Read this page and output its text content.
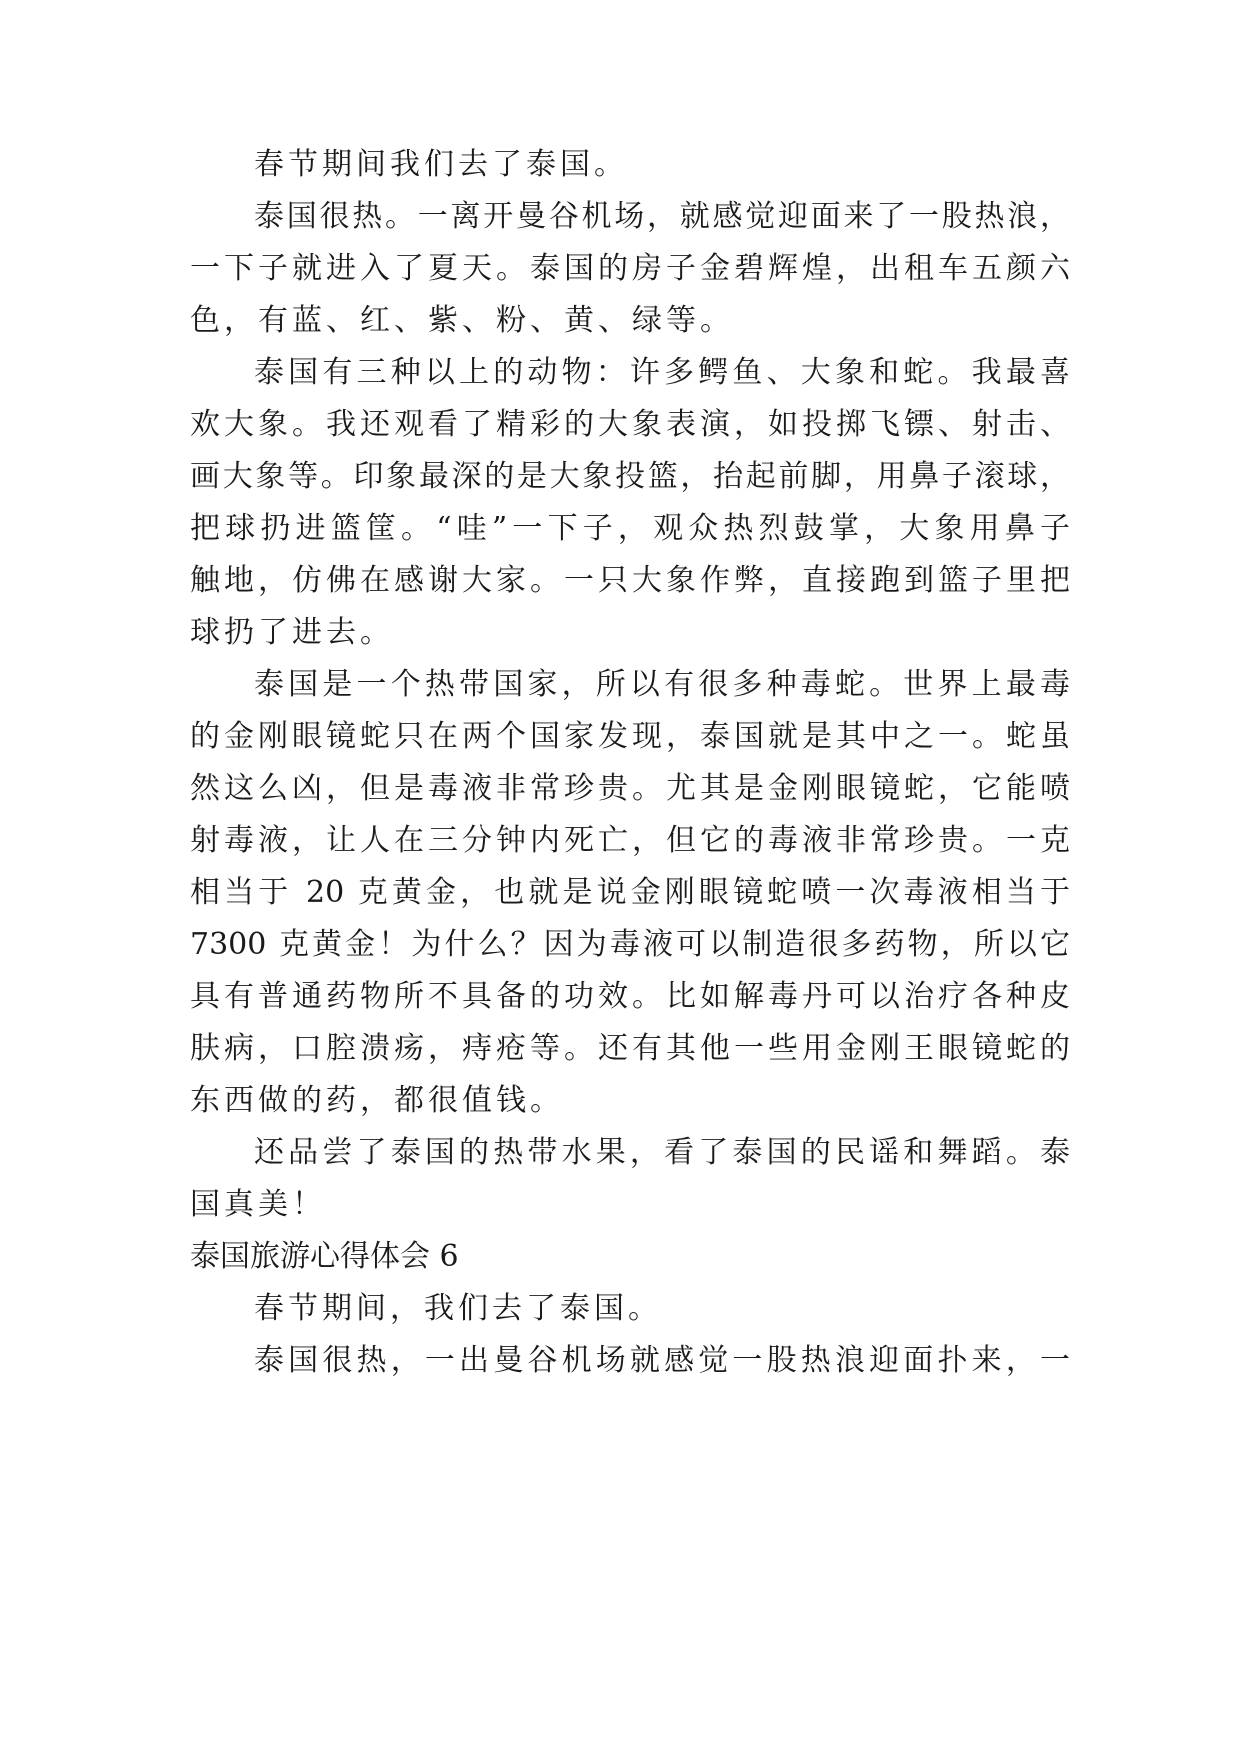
春节期间我们去了泰国。
泰国很热。一离开曼谷机场，就感觉迎面来了一股热浪，
一下子就进入了夏天。泰国的房子金碧辉煌，出租车五颜六
色，有蓝、红、紫、粉、黄、绿等。
泰国有三种以上的动物：许多鳄鱼、大象和蛇。我最喜
欢大象。我还观看了精彩的大象表演，如投掷飞镖、射击、
画大象等。印象最深的是大象投篮，抬起前脚，用鼻子滚球，
把球扔进篮筐。“哇”一下子，观众热烈鼓掌，大象用鼻子
触地，仿佛在感谢大家。一只大象作弊，直接跑到篮子里把
球扔了进去。
泰国是一个热带国家，所以有很多种毒蛇。世界上最毒
的金刚眼镜蛇只在两个国家发现，泰国就是其中之一。蛇虽
然这么凶，但是毒液非常珍贵。尤其是金刚眼镜蛇，它能喷
射毒液，让人在三分钟内死亡，但它的毒液非常珍贵。一克
相当于 20 克黄金，也就是说金刚眼镜蛇喷一次毒液相当于
7300 克黄金！为什么？因为毒液可以制造很多药物，所以它
具有普通药物所不具备的功效。比如解毒丹可以治疗各种皮
肤病，口腔溃疡，痔疮等。还有其他一些用金刚王眼镜蛇的
东西做的药，都很值钱。
还品尝了泰国的热带水果，看了泰国的民谣和舞蹈。泰
国真美！
泰国旅游心得体会 6
春节期间，我们去了泰国。
泰国很热，一出曼谷机场就感觉一股热浪迎面扑来，一
